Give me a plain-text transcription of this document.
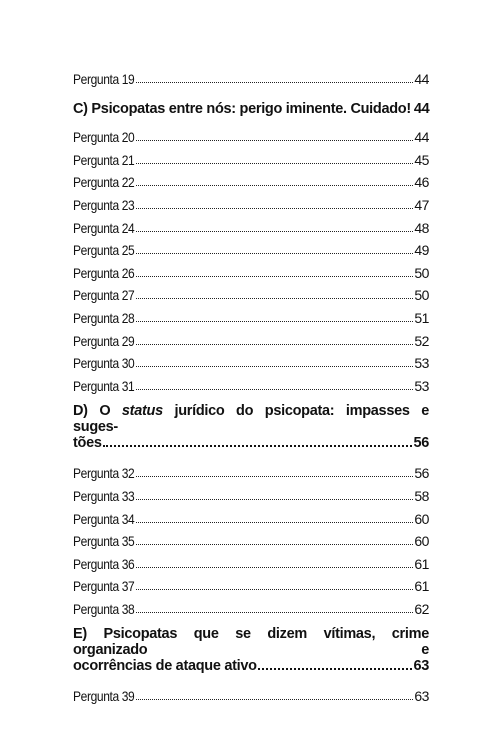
Pergunta 19	44
C) Psicopatas entre nós: perigo iminente. Cuidado! 44
Pergunta 20	44
Pergunta 21	45
Pergunta 22	46
Pergunta 23	47
Pergunta 24	48
Pergunta 25	49
Pergunta 26	50
Pergunta 27	50
Pergunta 28	51
Pergunta 29	52
Pergunta 30	53
Pergunta 31	53
D) O status jurídico do psicopata: impasses e suges-
tões	56
Pergunta 32	56
Pergunta 33	58
Pergunta 34	60
Pergunta 35	60
Pergunta 36	61
Pergunta 37	61
Pergunta 38	62
E) Psicopatas que se dizem vítimas, crime organizado e
ocorrências de ataque ativo	63
Pergunta 39	63
